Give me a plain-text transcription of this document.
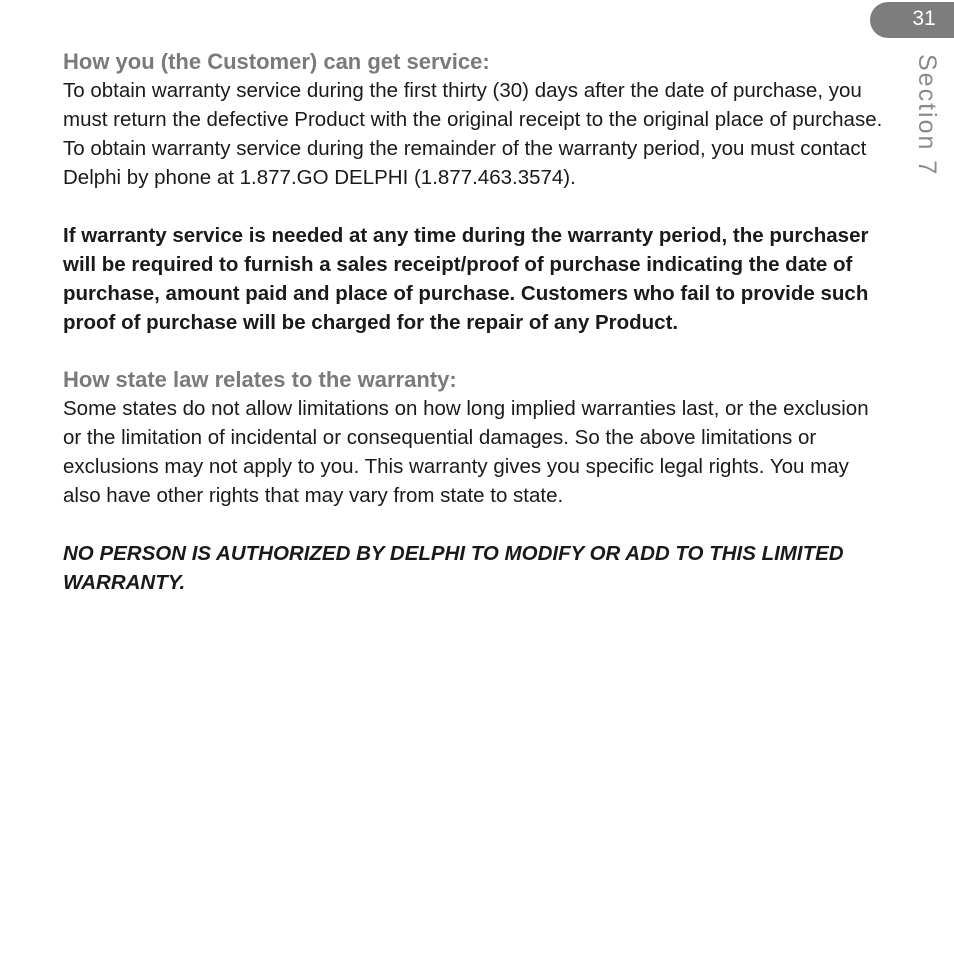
31
Section 7

How you (the Customer) can get service:

To obtain warranty service during the first thirty (30) days after the date of purchase, you must return the defective Product with the original receipt to the original place of purchase. To obtain warranty service during the remainder of the warranty period, you must contact Delphi by phone at 1.877.GO DELPHI (1.877.463.3574).

If warranty service is needed at any time during the warranty period, the purchaser will be required to furnish a sales receipt/proof of purchase indicating the date of purchase, amount paid and place of purchase. Customers who fail to provide such proof of purchase will be charged for the repair of any Product.

How state law relates to the warranty:

Some states do not allow limitations on how long implied warranties last, or the exclusion or the limitation of incidental or consequential damages. So the above limitations or exclusions may not apply to you. This warranty gives you specific legal rights. You may also have other rights that may vary from state to state.

NO PERSON IS AUTHORIZED BY DELPHI TO MODIFY OR ADD TO THIS LIMITED WARRANTY.
